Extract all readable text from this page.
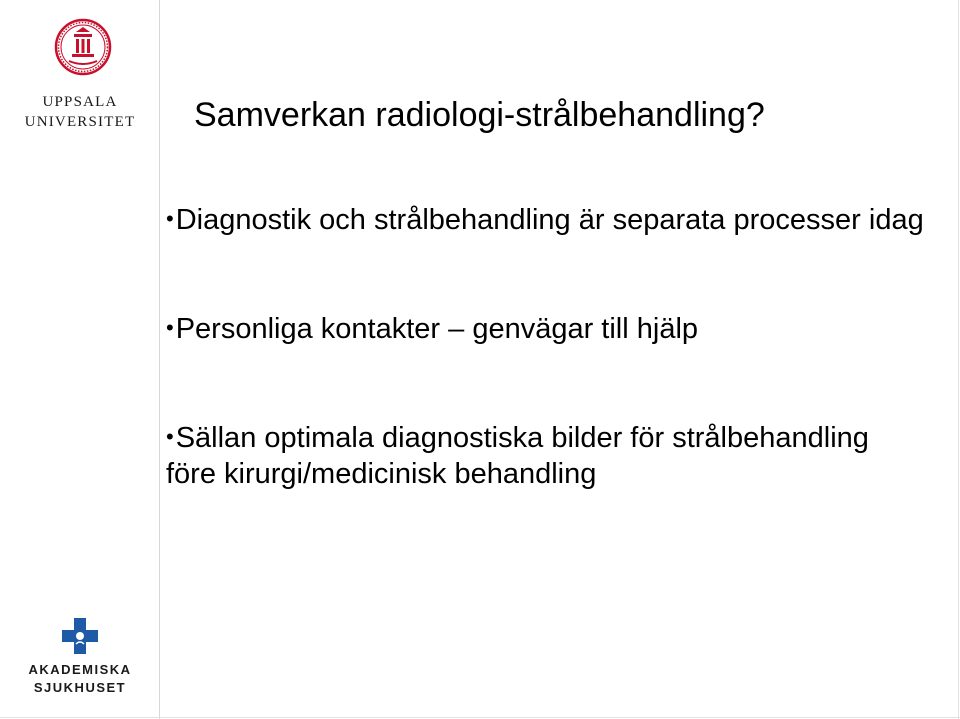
UPPSALA
UNIVERSITET Samverkan radiologi-strålbehandling?

•Diagnostik och strålbehandling är separata processer idag

•Personliga kontakter – genvägar till hjälp

•Sällan optimala diagnostiska bilder för strålbehandling före kirurgi/medicinisk behandling

AKADEMISKA
SJUKHUSET
